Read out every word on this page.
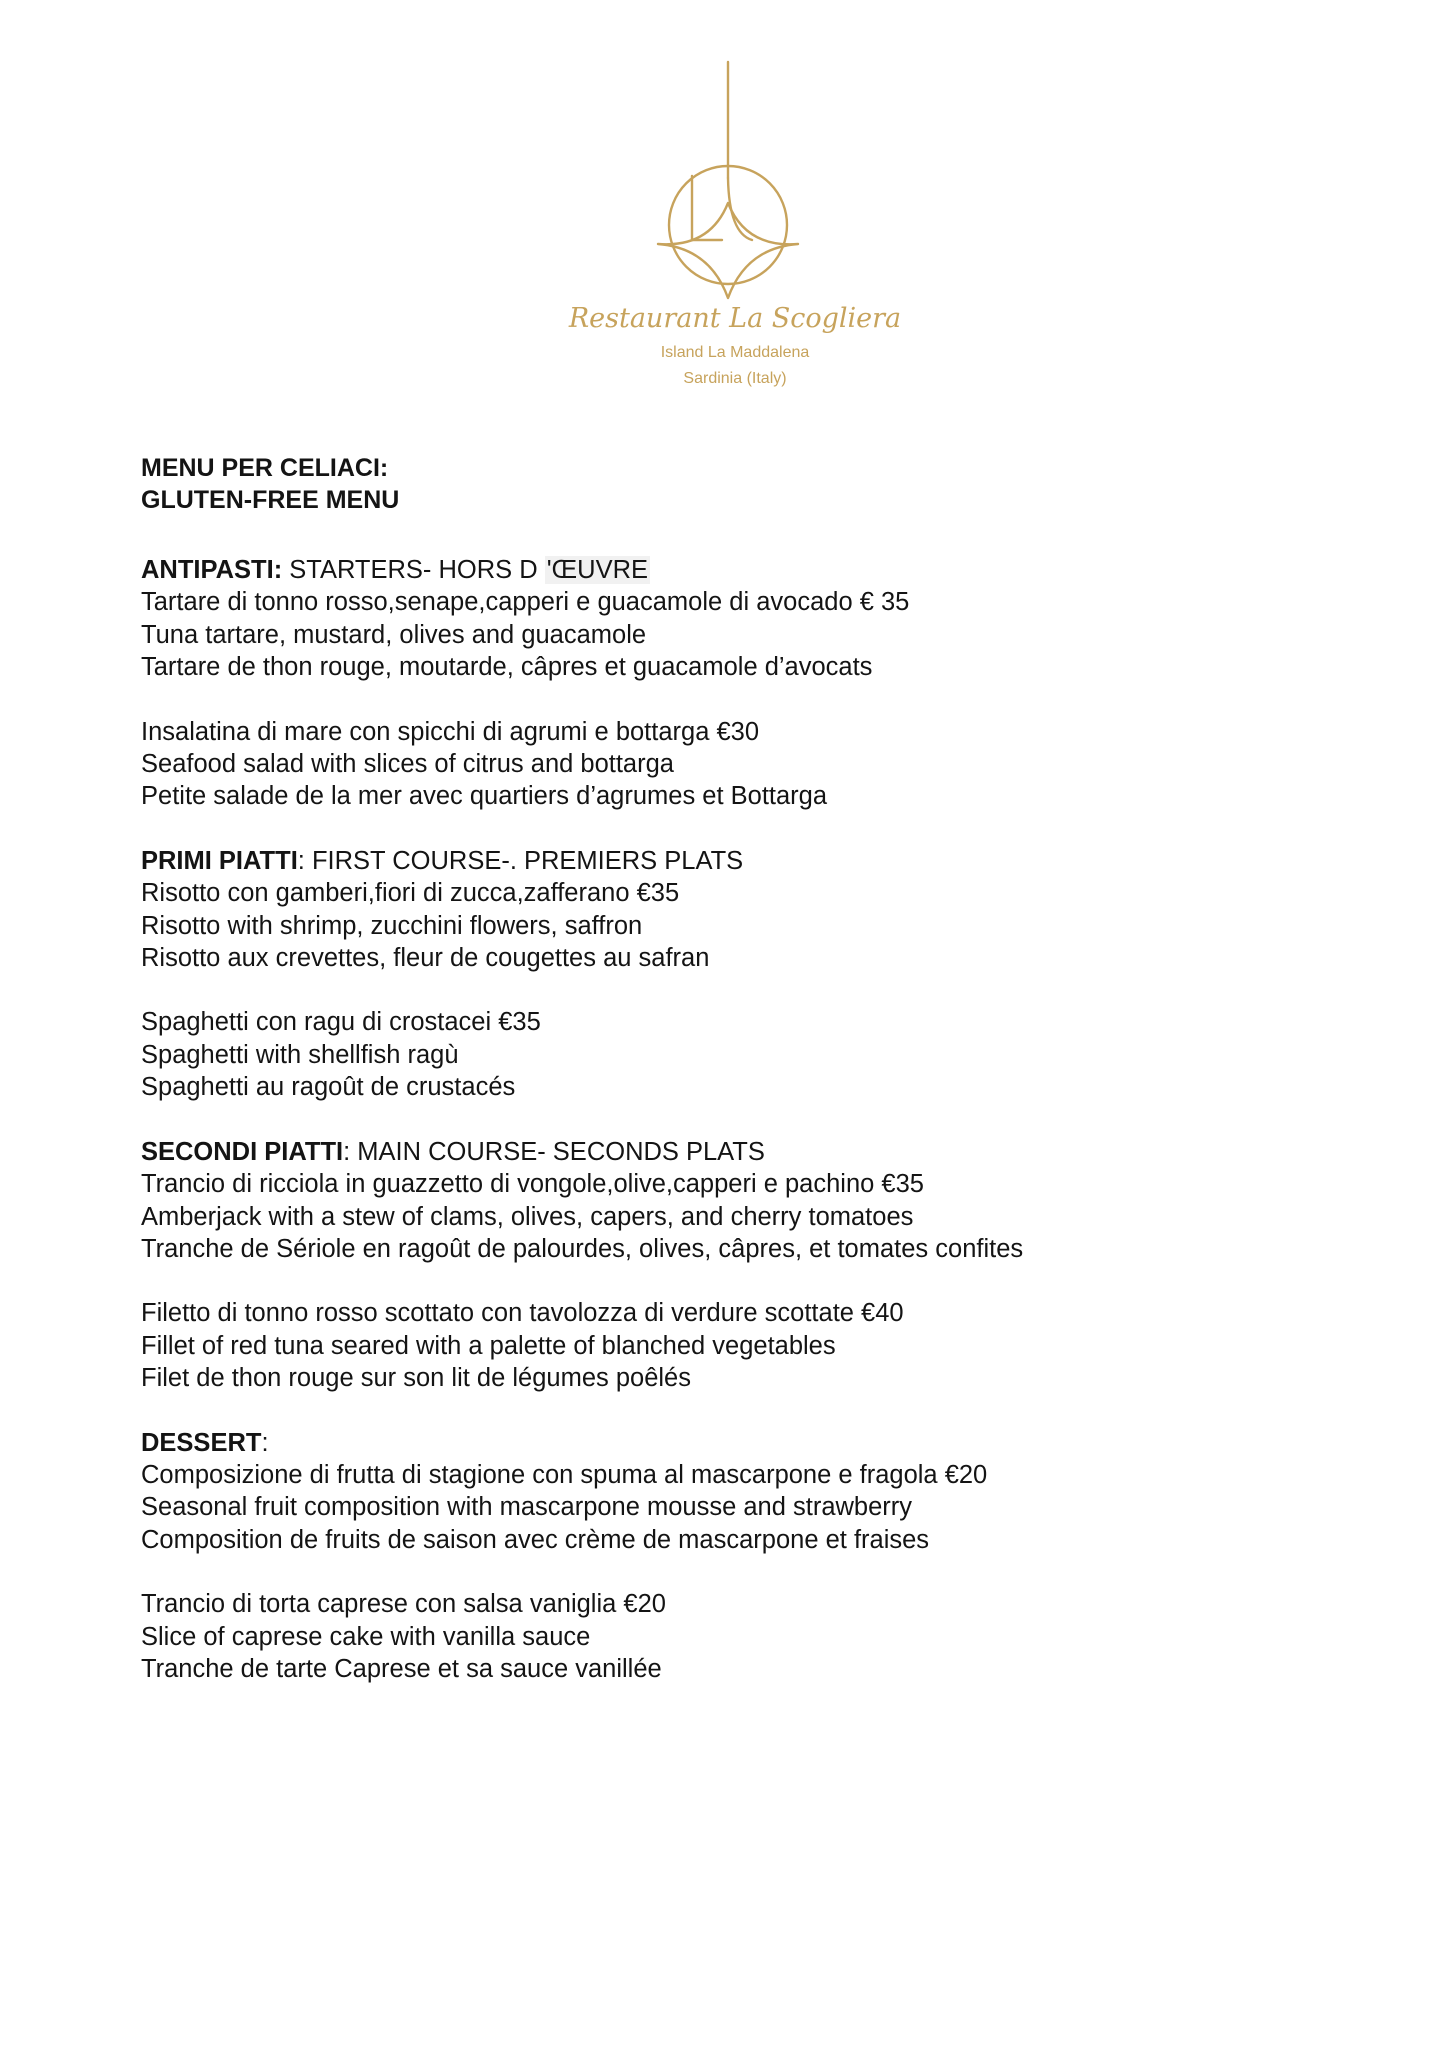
Restaurant La Scogliera
Island La Maddalena
Sardinia (Italy)
MENU PER CELIACI:
GLUTEN-FREE MENU
ANTIPASTI: STARTERS- HORS D 'ŒUVRE
Tartare di tonno rosso,senape,capperi e guacamole di avocado € 35
Tuna tartare, mustard, olives and guacamole
Tartare de thon rouge, moutarde, câpres et guacamole d’avocats
Insalatina di mare con spicchi di agrumi e bottarga €30
Seafood salad with slices of citrus and bottarga
Petite salade de la mer avec quartiers d’agrumes et Bottarga
PRIMI PIATTI: FIRST COURSE-. PREMIERS PLATS
Risotto con gamberi,fiori di zucca,zafferano €35
Risotto with shrimp, zucchini flowers, saffron
Risotto aux crevettes, fleur de cougettes au safran
Spaghetti con ragu di crostacei €35
Spaghetti with shellfish ragù
Spaghetti au ragoût de crustacés
SECONDI PIATTI: MAIN COURSE- SECONDS PLATS
Trancio di ricciola in guazzetto di vongole,olive,capperi e pachino €35
Amberjack with a stew of clams, olives, capers, and cherry tomatoes
Tranche de Sériole en ragoût de palourdes, olives, câpres, et tomates confites
Filetto di tonno rosso scottato con tavolozza di verdure scottate €40
Fillet of red tuna seared with a palette of blanched vegetables
Filet de thon rouge sur son lit de légumes poêlés
DESSERT:
Composizione di frutta di stagione con spuma al mascarpone e fragola €20
Seasonal fruit composition with mascarpone mousse and strawberry
Composition de fruits de saison avec crème de mascarpone et fraises
Trancio di torta caprese con salsa vaniglia €20
Slice of caprese cake with vanilla sauce
Tranche de tarte Caprese et sa sauce vanillée
